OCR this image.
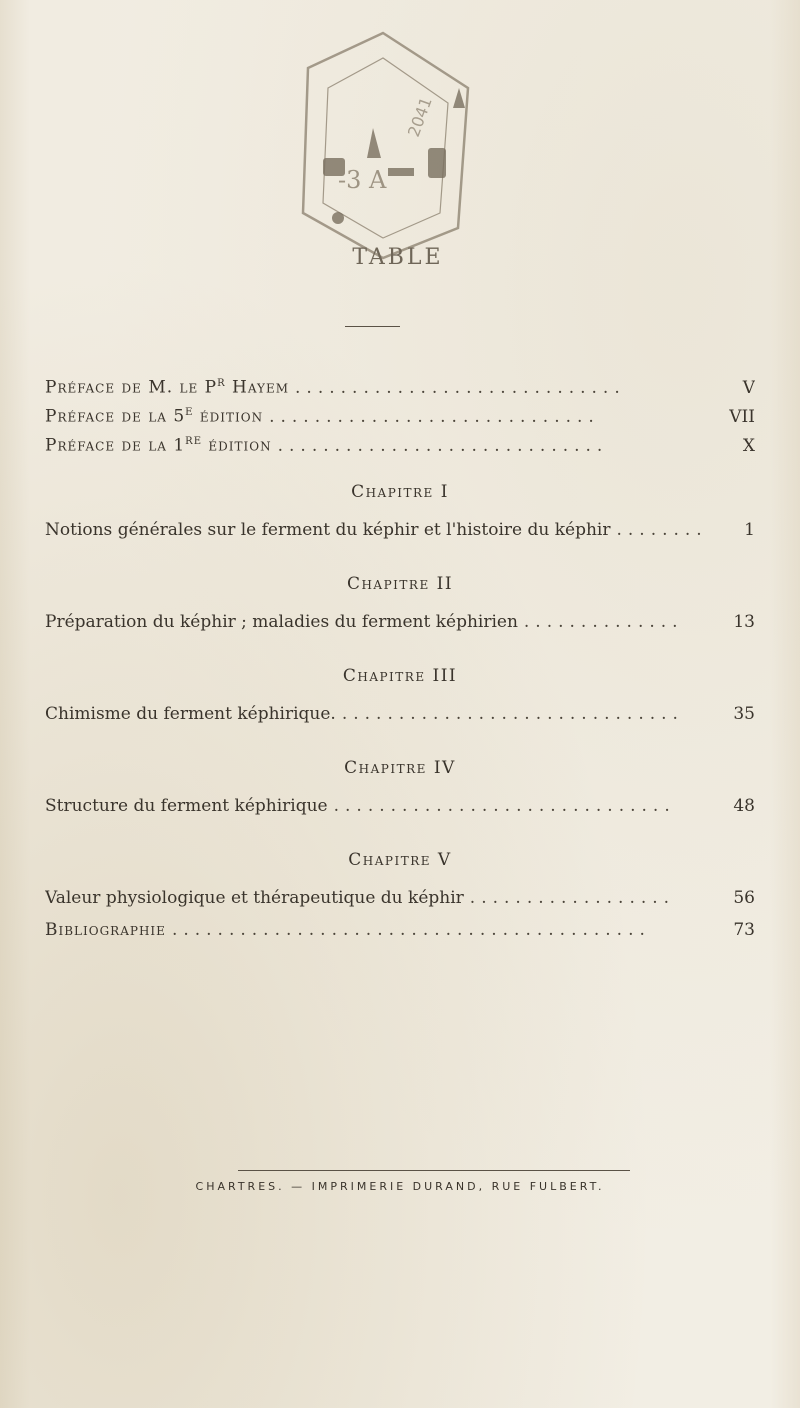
-3 A
2041
TABLE
Préface de M. le $P^r$ Hayem .............................	V
Préface de la 5e édition .............................	VII
Préface de la 1re édition .............................	X
Chapitre I
Notions générales sur le ferment du képhir et l'histoire du képhir ........	1
Chapitre II
Préparation du képhir ; maladies du ferment képhirien ..............	13
Chapitre III
Chimisme du ferment képhirique. ..............................	35
Chapitre IV
Structure du ferment képhirique ..............................	48
Chapitre V
Valeur physiologique et thérapeutique du képhir ..................	56
Bibliographie ..........................................	73
CHARTRES. — IMPRIMERIE DURAND, RUE FULBERT.
